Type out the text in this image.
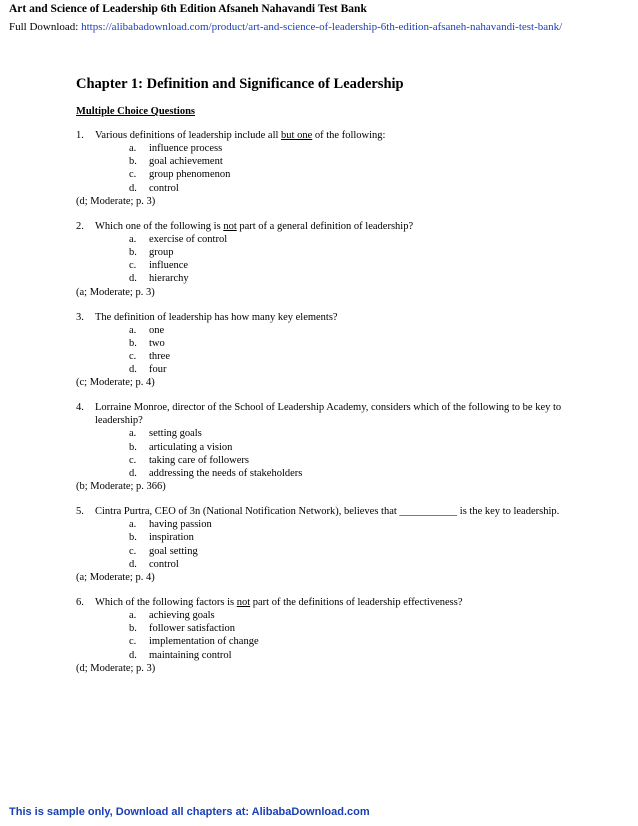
Art and Science of Leadership 6th Edition Afsaneh Nahavandi Test Bank
Full Download: https://alibabadownload.com/product/art-and-science-of-leadership-6th-edition-afsaneh-nahavandi-test-bank/
Chapter 1: Definition and Significance of Leadership
Multiple Choice Questions
1.	Various definitions of leadership include all but one of the following:
a.	influence process
b.	goal achievement
c.	group phenomenon
d.	control
(d; Moderate; p. 3)
2.	Which one of the following is not part of a general definition of leadership?
a.	exercise of control
b.	group
c.	influence
d.	hierarchy
(a; Moderate; p. 3)
3.	The definition of leadership has how many key elements?
a.	one
b.	two
c.	three
d.	four
(c; Moderate; p. 4)
4.	Lorraine Monroe, director of the School of Leadership Academy, considers which of the following to be key to leadership?
a.	setting goals
b.	articulating a vision
c.	taking care of followers
d.	addressing the needs of stakeholders
(b; Moderate; p. 366)
5.	Cintra Purtra, CEO of 3n (National Notification Network), believes that ___________ is the key to leadership.
a.	having passion
b.	inspiration
c.	goal setting
d.	control
(a; Moderate; p. 4)
6.	Which of the following factors is not part of the definitions of leadership effectiveness?
a.	achieving goals
b.	follower satisfaction
c.	implementation of change
d.	maintaining control
(d; Moderate; p. 3)
This is sample only, Download all chapters at: AlibabaDownload.com
